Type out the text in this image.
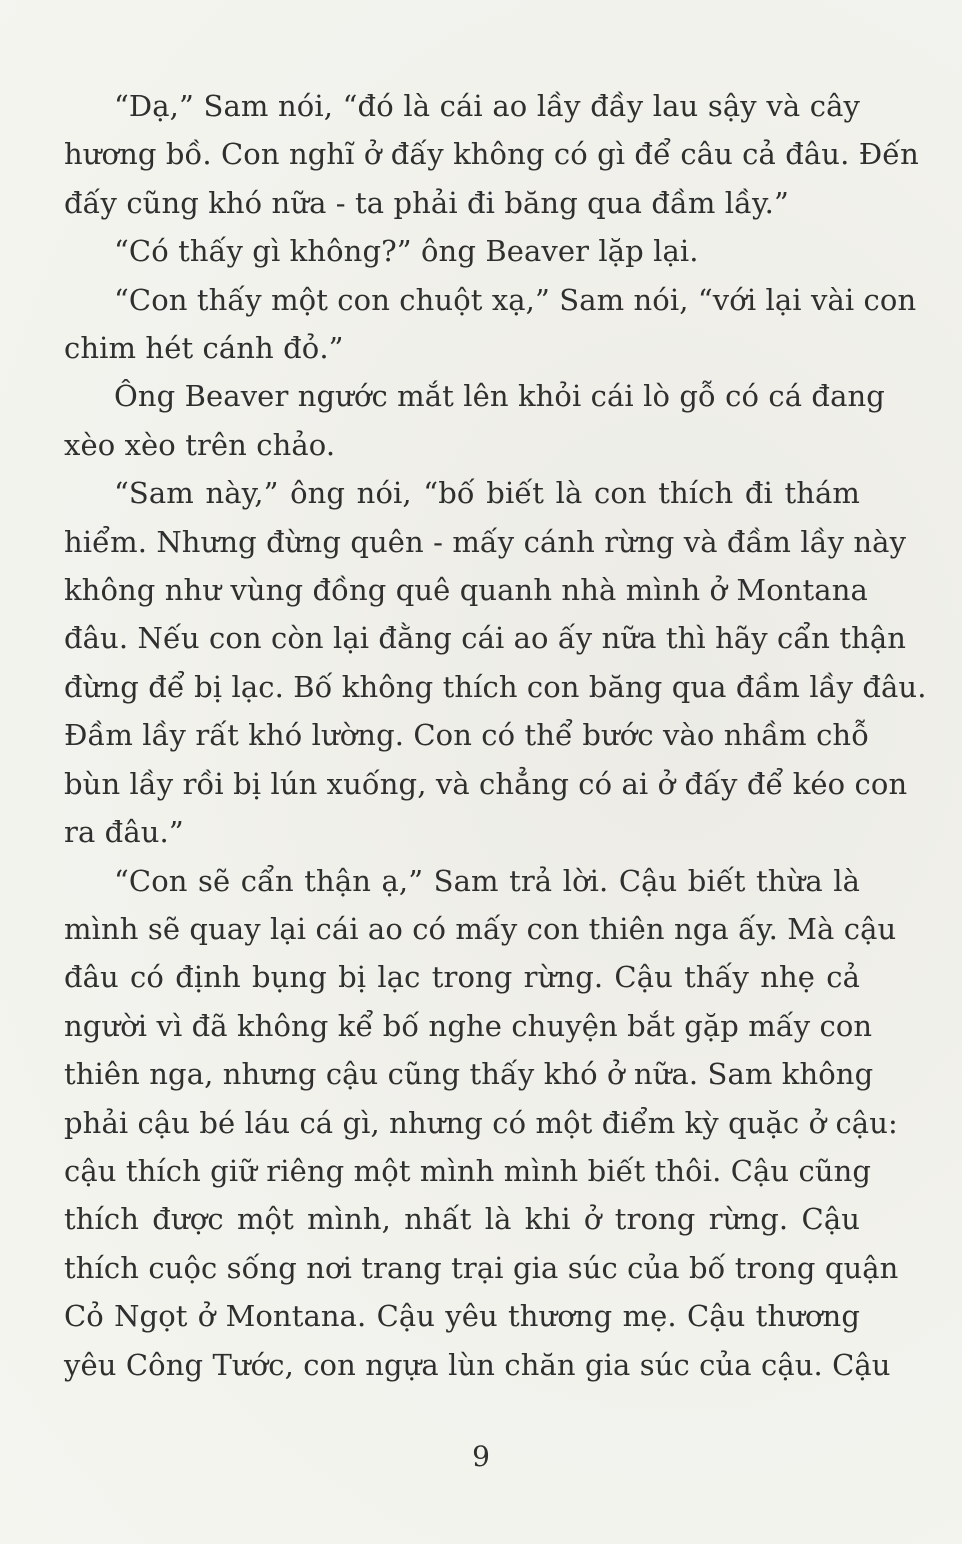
“Dạ,” Sam nói, “đó là cái ao lầy đầy lau sậy và cây
hương bồ. Con nghĩ ở đấy không có gì để câu cả đâu. Đến
đấy cũng khó nữa - ta phải đi băng qua đầm lầy.”

“Có thấy gì không?” ông Beaver lặp lại.

“Con thấy một con chuột xạ,” Sam nói, “với lại vài con
chim hét cánh đỏ.”

Ông Beaver ngước mắt lên khỏi cái lò gỗ có cá đang
xèo xèo trên chảo.

“Sam này,” ông nói, “bố biết là con thích đi thám
hiểm. Nhưng đừng quên - mấy cánh rừng và đầm lầy này
không như vùng đồng quê quanh nhà mình ở Montana
đâu. Nếu con còn lại đằng cái ao ấy nữa thì hãy cẩn thận
đừng để bị lạc. Bố không thích con băng qua đầm lầy đâu.
Đầm lầy rất khó lường. Con có thể bước vào nhầm chỗ
bùn lầy rồi bị lún xuống, và chẳng có ai ở đấy để kéo con
ra đâu.”

“Con sẽ cẩn thận ạ,” Sam trả lời. Cậu biết thừa là
mình sẽ quay lại cái ao có mấy con thiên nga ấy. Mà cậu
đâu có định bụng bị lạc trong rừng. Cậu thấy nhẹ cả
người vì đã không kể bố nghe chuyện bắt gặp mấy con
thiên nga, nhưng cậu cũng thấy khó ở nữa. Sam không
phải cậu bé láu cá gì, nhưng có một điểm kỳ quặc ở cậu:
cậu thích giữ riêng một mình mình biết thôi. Cậu cũng
thích được một mình, nhất là khi ở trong rừng. Cậu
thích cuộc sống nơi trang trại gia súc của bố trong quận
Cỏ Ngọt ở Montana. Cậu yêu thương mẹ. Cậu thương
yêu Công Tước, con ngựa lùn chăn gia súc của cậu. Cậu

9
